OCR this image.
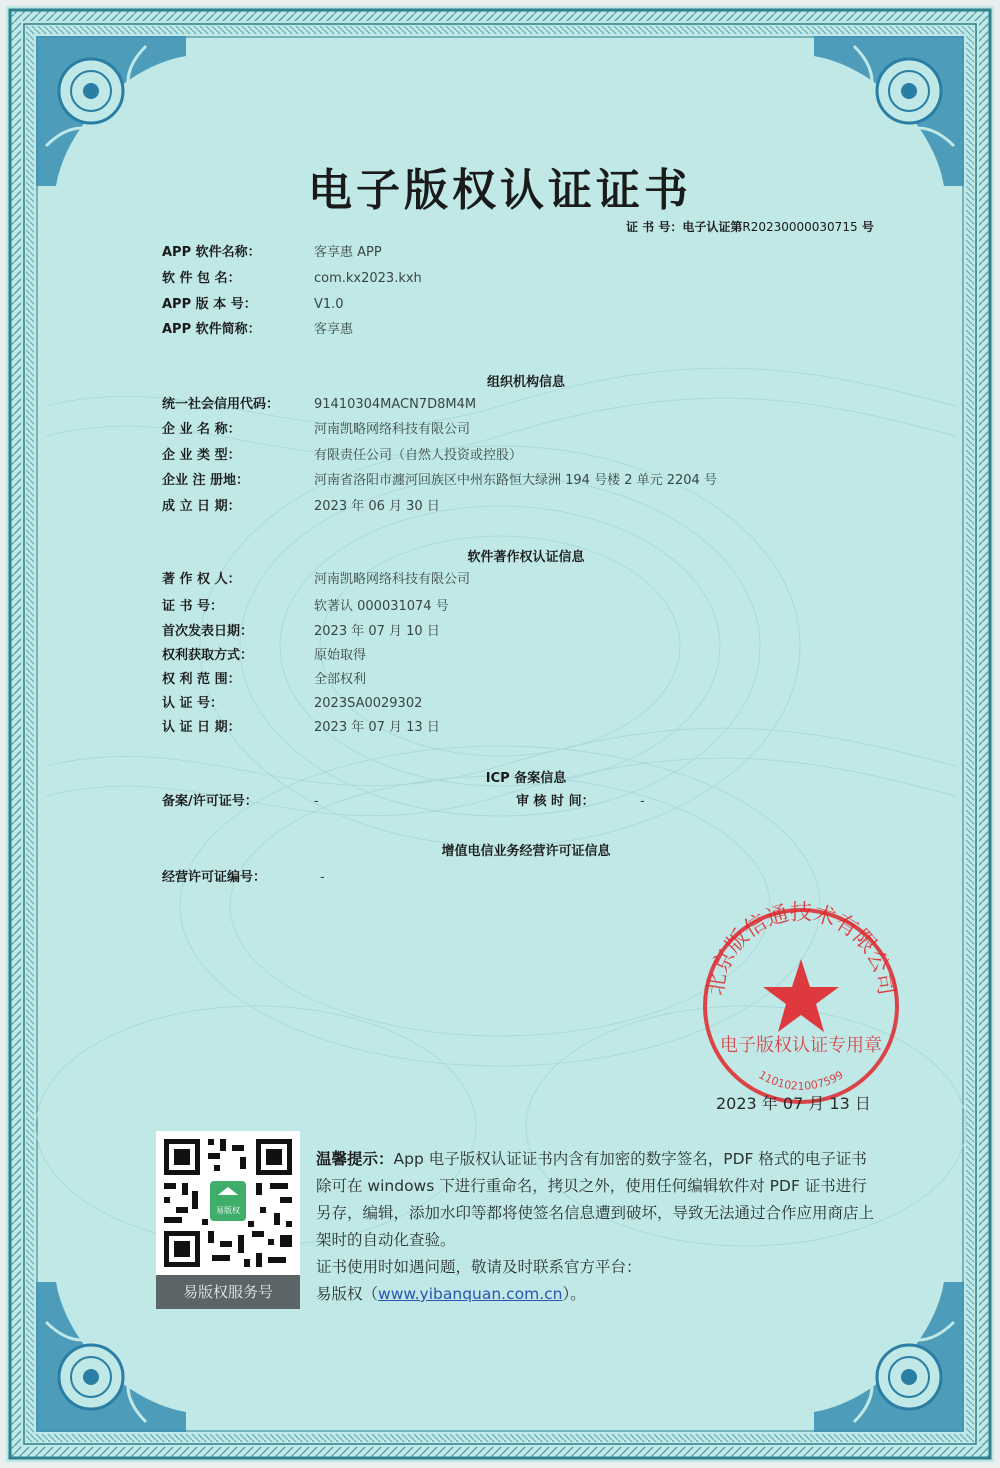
电子版权认证证书
证 书 号：电子认证第R20230000030715 号
APP 软件名称：	客享惠 APP
软 件 包 名：	com.kx2023.kxh
APP 版 本 号：	V1.0
APP 软件简称：	客享惠
组织机构信息
统一社会信用代码：	91410304MACN7D8M4M
企 业 名 称：	河南凯略网络科技有限公司
企 业 类 型：	有限责任公司（自然人投资或控股）
企业 注 册地：	河南省洛阳市瀍河回族区中州东路恒大绿洲 194 号楼 2 单元 2204 号
成 立 日 期：	2023 年 06 月 30 日
软件著作权认证信息
著 作 权 人：	河南凯略网络科技有限公司
证 书 号：	软著认 000031074 号
首次发表日期：	2023 年 07 月 10 日
权利获取方式：	原始取得
权 利 范 围：	全部权利
认 证 号：	2023SA0029302
认 证 日 期：	2023 年 07 月 13 日
ICP 备案信息
备案/许可证号：	-	审 核 时 间：	-
增值电信业务经营许可证信息
经营许可证编号：	-
北京版信通技术有限公司
电子版权认证专用章
1101021007599
2023 年 07 月 13 日
易版权
易版权服务号
温馨提示：App 电子版权认证证书内含有加密的数字签名，PDF 格式的电子证书除可在 windows 下进行重命名，拷贝之外，使用任何编辑软件对 PDF 证书进行另存，编辑，添加水印等都将使签名信息遭到破坏，导致无法通过合作应用商店上架时的自动化查验。
证书使用时如遇问题，敬请及时联系官方平台：
易版权（www.yibanquan.com.cn）。
